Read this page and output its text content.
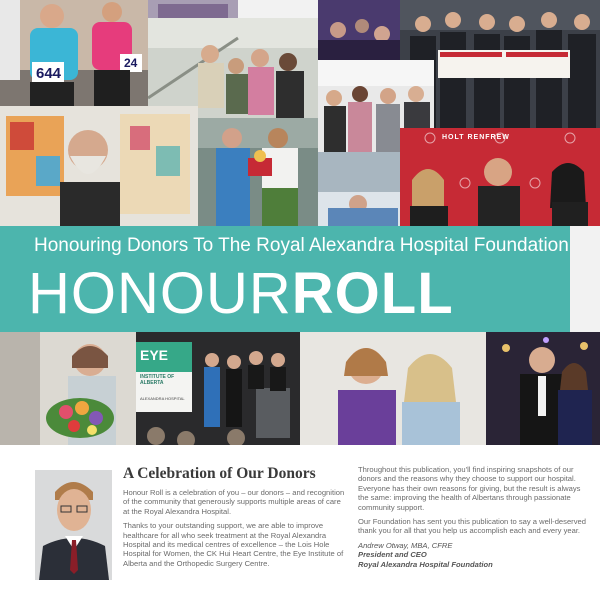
644
24
HOLT RENFREW
EYE
INSTITUTE OF ALBERTA
ALEXANDRA HOSPITAL
Honouring Donors To The Royal Alexandra Hospital Foundation
HONOURROLL
A Celebration of Our Donors

Honour Roll is a celebration of you – our donors – and recognition of the community that generously supports multiple areas of care at the Royal Alexandra Hospital.

Thanks to your outstanding support, we are able to improve healthcare for all who seek treatment at the Royal Alexandra Hospital and its medical centres of excellence – the Lois Hole Hospital for Women, the CK Hui Heart Centre, the Eye Institute of Alberta and the Orthopedic Surgery Centre.

Throughout this publication, you'll find inspiring snapshots of our donors and the reasons why they choose to support our hospital. Everyone has their own reasons for giving, but the result is always the same: improving the health of Albertans through passionate community support.

Our Foundation has sent you this publication to say a well-deserved thank you for all that you help us accomplish each and every year.

Andrew Otway, MBA, CFRE
President and CEO
Royal Alexandra Hospital Foundation
